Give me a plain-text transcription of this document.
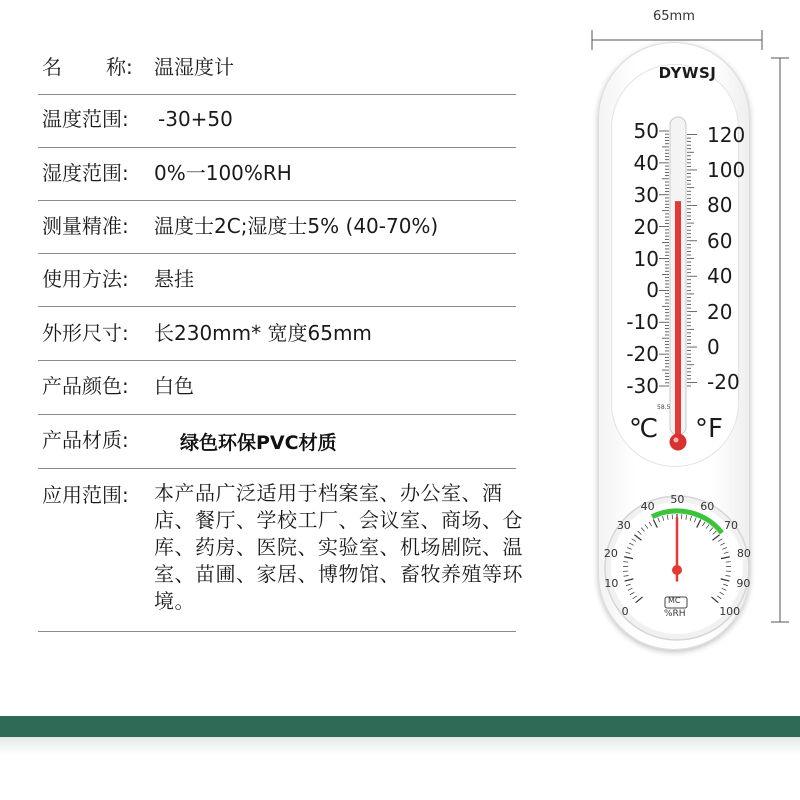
名 称: 温湿度计
温度范围: -30+50
湿度范围: 0%一100%RH
测量精准: 温度士2C;湿度士5% (40-70%)
使用方法: 悬挂
外形尺寸: 长230mm* 宽度65mm
产品颜色: 白色
产品材质:	绿色环保PVC材质
应用范围: 本产品广泛适用于档案室、办公室、酒店、餐厅、学校工厂、会议室、商场、仓库、药房、医院、实验室、机场剧院、温室、苗圃、家居、博物馆、畜牧养殖等环境。
65mm
DYWSJ
50
40
30
20
10
0
-10
-20
-30
120
100
80
60
40
20
0
-20
58.5
℃ °F
0
10
20
30
40
50
60
70
80
90
100
MC
%RH
